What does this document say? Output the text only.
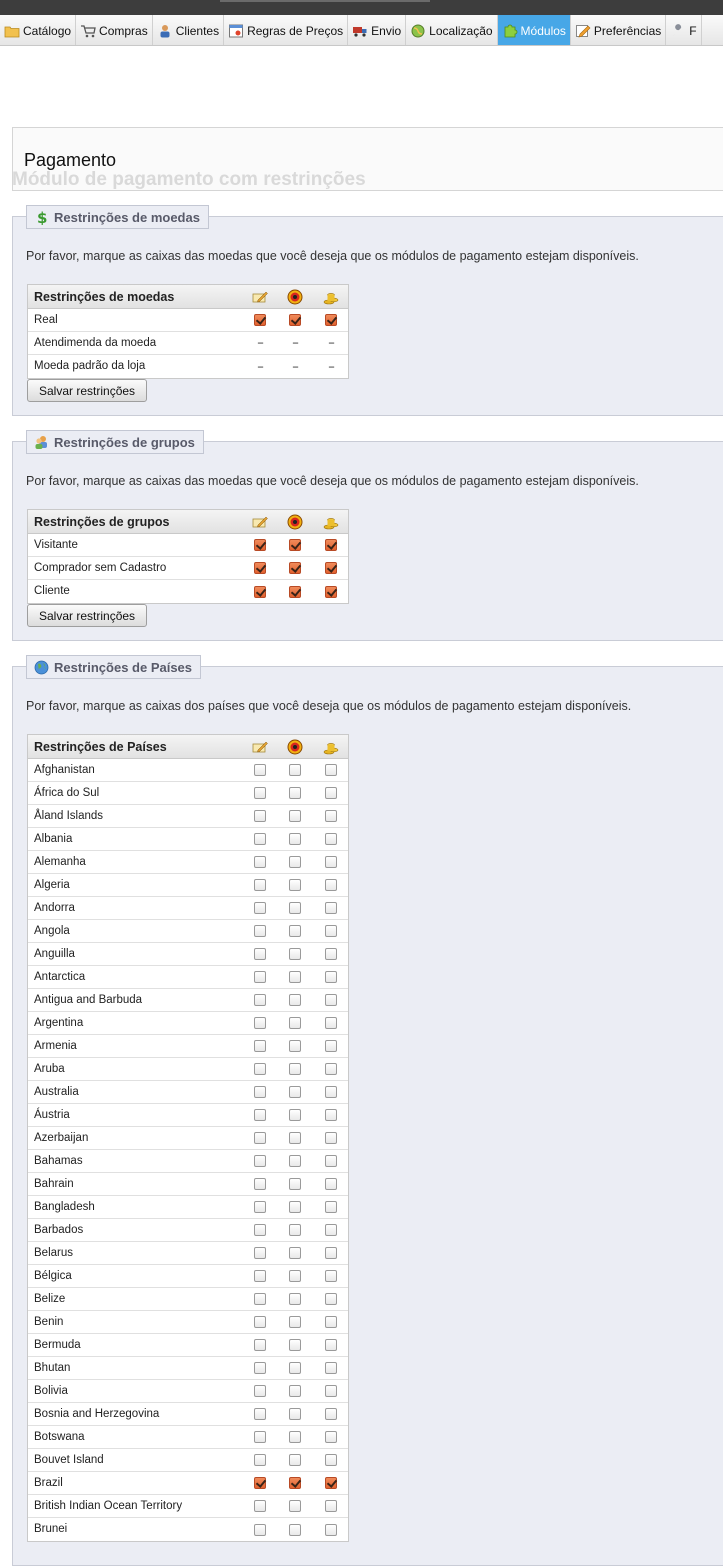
Catálogo Compras Clientes Regras de Preços Envio Localização Módulos Preferências F
Pagamento
Módulo de pagamento com restrinções
$ Restrinções de moedas
Por favor, marque as caixas das moedas que você deseja que os módulos de pagamento estejam disponíveis.
Restrinções de moedas
Real
Atendimenda da moeda	--	--	--
Moeda padrão da loja	--	--	--
Salvar restrinções
Restrinções de grupos
Por favor, marque as caixas das moedas que você deseja que os módulos de pagamento estejam disponíveis.
Restrinções de grupos
Visitante
Comprador sem Cadastro
Cliente
Salvar restrinções
Restrinções de Países
Por favor, marque as caixas dos países que você deseja que os módulos de pagamento estejam disponíveis.
Restrinções de Países
Afghanistan
África do Sul
Åland Islands
Albania
Alemanha
Algeria
Andorra
Angola
Anguilla
Antarctica
Antigua and Barbuda
Argentina
Armenia
Aruba
Australia
Áustria
Azerbaijan
Bahamas
Bahrain
Bangladesh
Barbados
Belarus
Bélgica
Belize
Benin
Bermuda
Bhutan
Bolivia
Bosnia and Herzegovina
Botswana
Bouvet Island
Brazil
British Indian Ocean Territory
Brunei
